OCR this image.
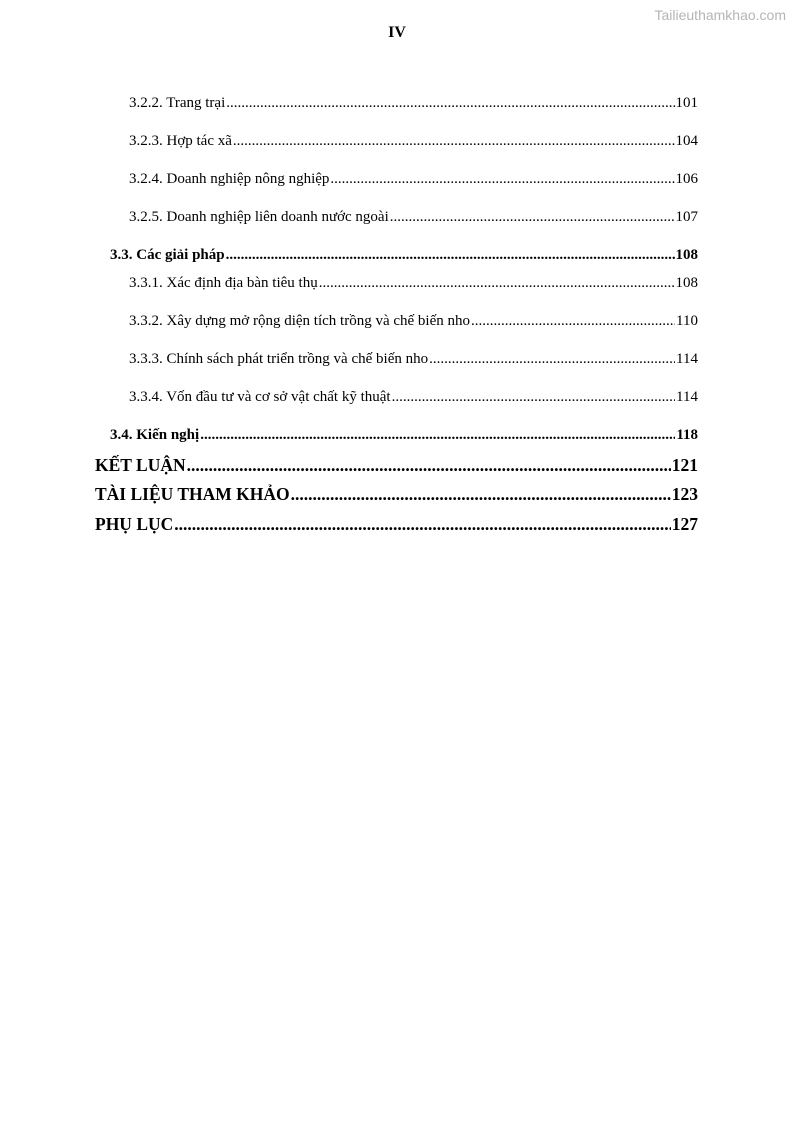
Tailieuthamkhao.com
IV
3.2.2. Trang trại .....	101
3.2.3. Hợp tác xã .....	104
3.2.4. Doanh nghiệp nông nghiệp .....	106
3.2.5. Doanh nghiệp liên doanh nước ngoài .....	107
3.3. Các giải pháp .....	108
3.3.1. Xác định địa bàn tiêu thụ .....	108
3.3.2. Xây dựng mở rộng diện tích trồng và chế biến nho .....	110
3.3.3. Chính sách phát triển trồng và chế biến nho .....	114
3.3.4. Vốn đầu tư và cơ sở vật chất kỹ thuật .....	114
3.4. Kiến nghị .....	118
KẾT LUẬN .....	121
TÀI LIỆU THAM KHẢO .....	123
PHỤ LỤC .....	127
